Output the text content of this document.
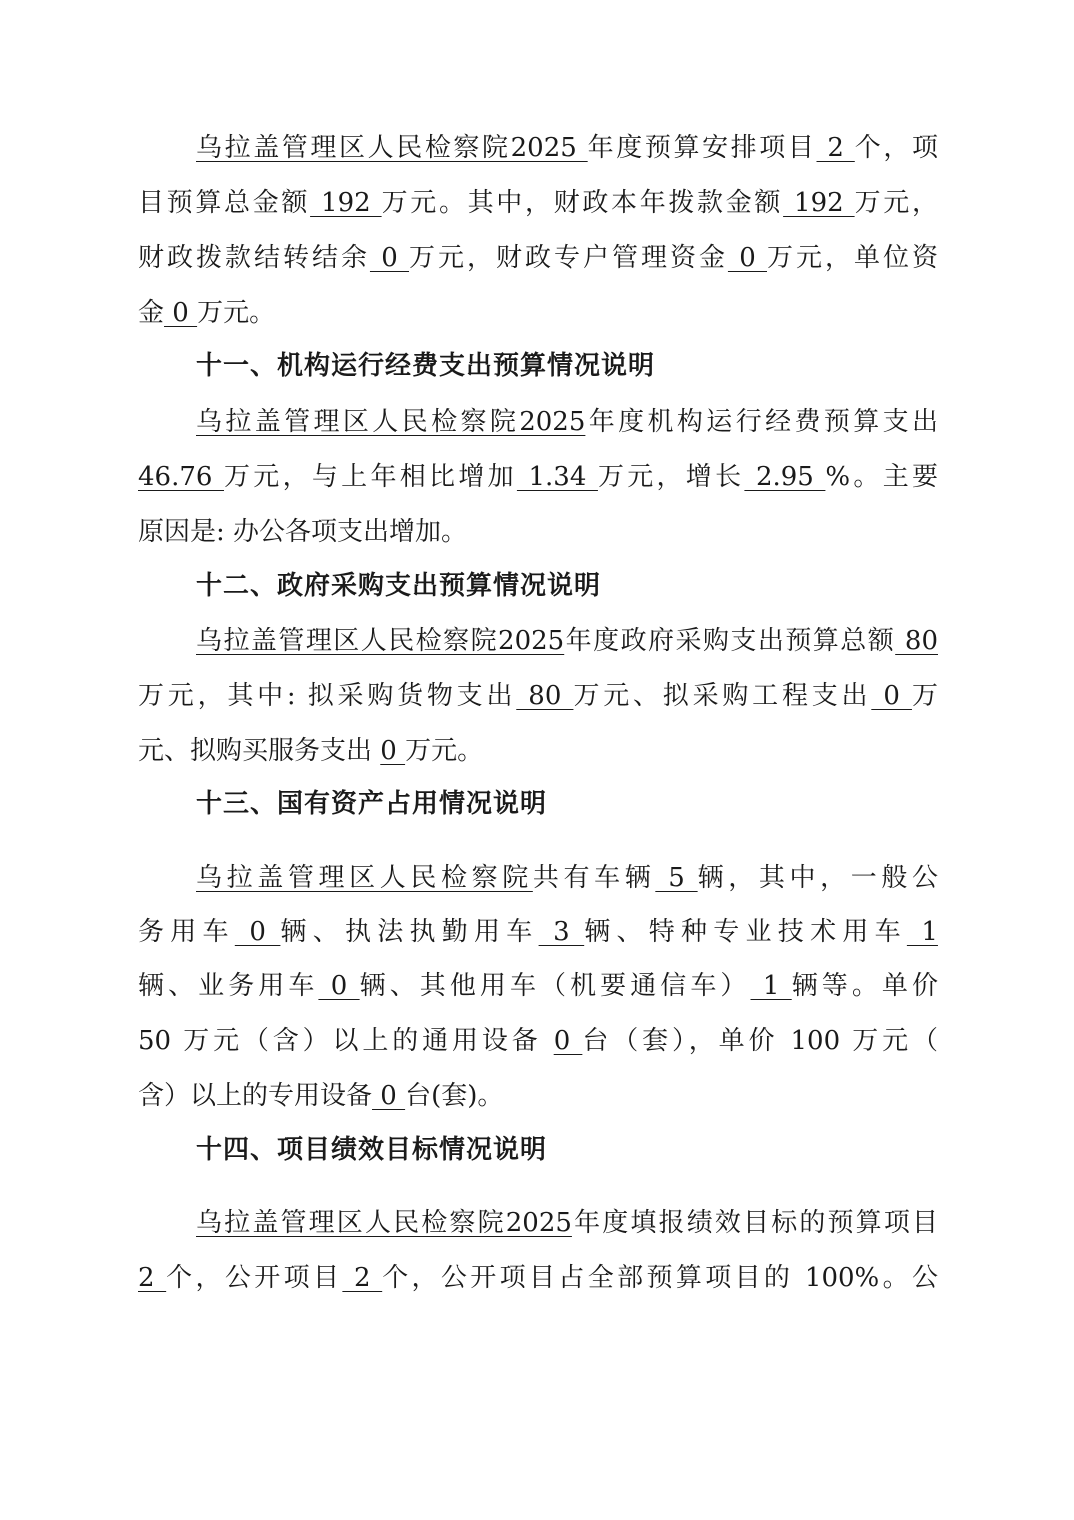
乌拉盖管理区人民检察院2025 年度预算安排项目 2 个，项
目预算总金额 192 万元。其中，财政本年拨款金额 192 万元，
财政拨款结转结余 0 万元，财政专户管理资金 0 万元，单位资
金 0 万元。
十一、机构运行经费支出预算情况说明
乌拉盖管理区人民检察院2025年度机构运行经费预算支出
46.76 万元，与上年相比增加 1.34 万元，增长 2.95 %。主要
原因是: 办公各项支出增加。
十二、政府采购支出预算情况说明
乌拉盖管理区人民检察院2025年度政府采购支出预算总额 80
万元，其中: 拟采购货物支出 80 万元、拟采购工程支出 0 万
元、拟购买服务支出 0 万元。
十三、国有资产占用情况说明
乌拉盖管理区人民检察院共有车辆 5 辆，其中，一般公
务用车 0 辆、执法执勤用车 3 辆、特种专业技术用车 1
辆、业务用车 0 辆、其他用车（机要通信车） 1 辆等。单价
50 万元（含）以上的通用设备 0 台（套），单价 100 万元（
含）以上的专用设备 0 台(套)。
十四、项目绩效目标情况说明
乌拉盖管理区人民检察院2025年度填报绩效目标的预算项目
2 个，公开项目 2 个，公开项目占全部预算项目的 100%。公
